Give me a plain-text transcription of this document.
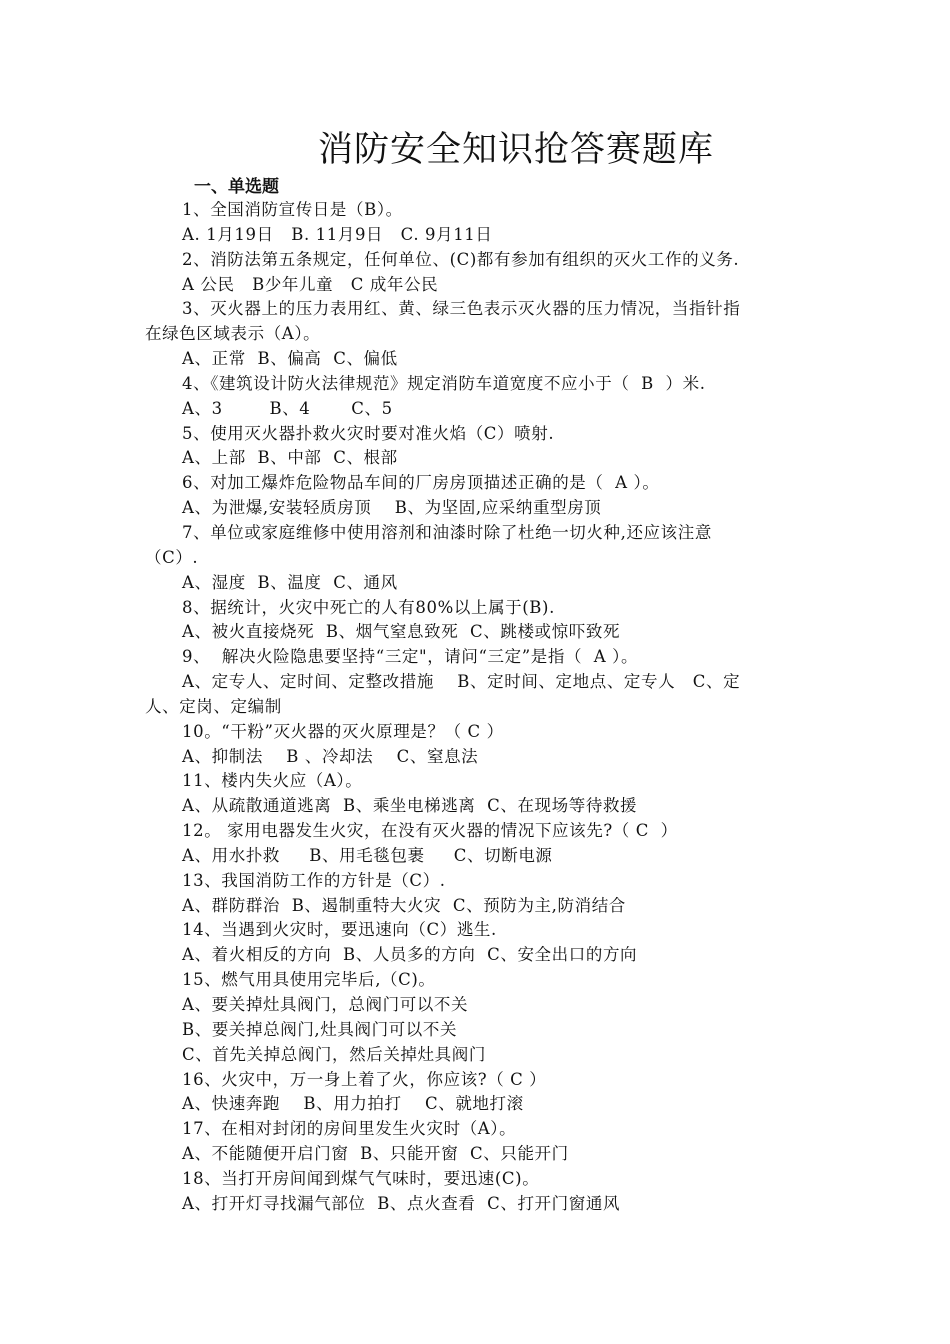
消防安全知识抢答赛题库
一、单选题
1、全国消防宣传日是（B）。
A. 1月19日   B. 11月9日   C. 9月11日
2、消防法第五条规定，任何单位、(C)都有参加有组织的灭火工作的义务.
A 公民   B少年儿童   C 成年公民
3、灭火器上的压力表用红、黄、绿三色表示灭火器的压力情况，当指针指
在绿色区域表示（A）。
A、正常  B、偏高  C、偏低
4、《建筑设计防火法律规范》规定消防车道宽度不应小于（  B  ）米.
A、3        B、4       C、5
5、使用灭火器扑救火灾时要对准火焰（C）喷射.
A、上部  B、中部  C、根部
6、对加工爆炸危险物品车间的厂房房顶描述正确的是（  A ）。
A、为泄爆,安装轻质房顶    B、为坚固,应采纳重型房顶
7、单位或家庭维修中使用溶剂和油漆时除了杜绝一切火种,还应该注意
（C）.
A、湿度  B、温度  C、通风
8、据统计，火灾中死亡的人有80%以上属于(B).
A、被火直接烧死  B、烟气窒息致死  C、跳楼或惊吓致死
9、  解决火险隐患要坚持“三定"，请问“三定”是指（  A ）。
A、定专人、定时间、定整改措施    B、定时间、定地点、定专人   C、定
人、定岗、定编制
10。“干粉”灭火器的灭火原理是？（ C ）
A、抑制法    B 、冷却法    C、窒息法
11、楼内失火应（A）。
A、从疏散通道逃离  B、乘坐电梯逃离  C、在现场等待救援
12。 家用电器发生火灾，在没有灭火器的情况下应该先?（ C  ）
A、用水扑救     B、用毛毯包裹     C、切断电源
13、我国消防工作的方针是（C）.
A、群防群治  B、遏制重特大火灾  C、预防为主,防消结合
14、当遇到火灾时，要迅速向（C）逃生.
A、着火相反的方向  B、人员多的方向  C、安全出口的方向
15、燃气用具使用完毕后,（C)。
A、要关掉灶具阀门，总阀门可以不关
B、要关掉总阀门,灶具阀门可以不关
C、首先关掉总阀门，然后关掉灶具阀门
16、火灾中，万一身上着了火，你应该?（ C ）
A、快速奔跑    B、用力拍打    C、就地打滚
17、在相对封闭的房间里发生火灾时（A）。
A、不能随便开启门窗  B、只能开窗  C、只能开门
18、当打开房间闻到煤气气味时，要迅速(C)。
A、打开灯寻找漏气部位  B、点火查看  C、打开门窗通风
